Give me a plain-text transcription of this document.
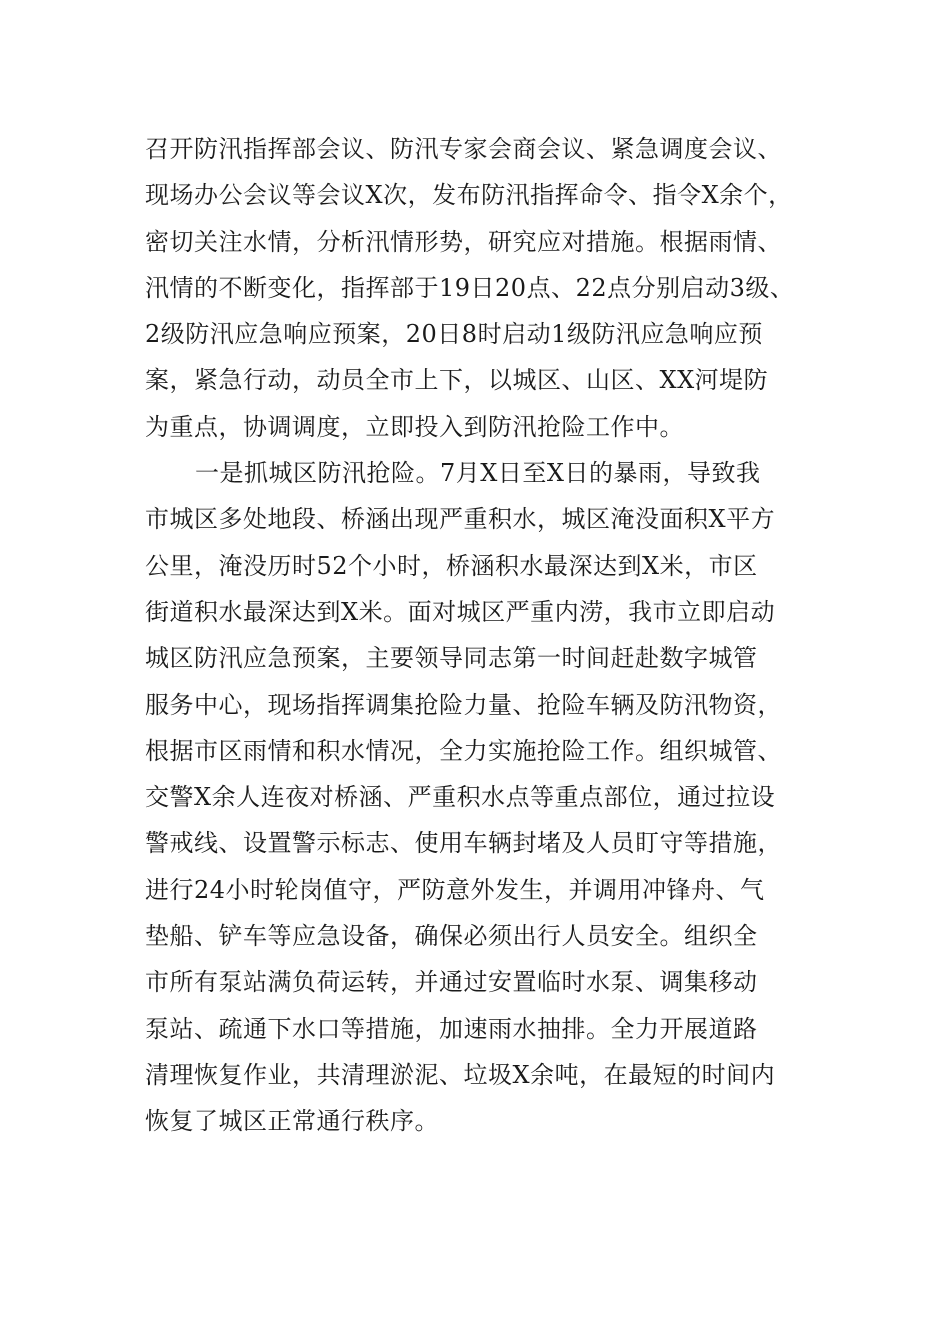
召开防汛指挥部会议、防汛专家会商会议、紧急调度会议、
现场办公会议等会议X次，发布防汛指挥命令、指令X余个，
密切关注水情，分析汛情形势，研究应对措施。根据雨情、
汛情的不断变化，指挥部于19日20点、22点分别启动3级、
2级防汛应急响应预案，20日8时启动1级防汛应急响应预
案，紧急行动，动员全市上下，以城区、山区、XX河堤防
为重点，协调调度，立即投入到防汛抢险工作中。
一是抓城区防汛抢险。7月X日至X日的暴雨，导致我
市城区多处地段、桥涵出现严重积水，城区淹没面积X平方
公里，淹没历时52个小时，桥涵积水最深达到X米，市区
街道积水最深达到X米。面对城区严重内涝，我市立即启动
城区防汛应急预案，主要领导同志第一时间赶赴数字城管
服务中心，现场指挥调集抢险力量、抢险车辆及防汛物资，
根据市区雨情和积水情况，全力实施抢险工作。组织城管、
交警X余人连夜对桥涵、严重积水点等重点部位，通过拉设
警戒线、设置警示标志、使用车辆封堵及人员盯守等措施，
进行24小时轮岗值守，严防意外发生，并调用冲锋舟、气
垫船、铲车等应急设备，确保必须出行人员安全。组织全
市所有泵站满负荷运转，并通过安置临时水泵、调集移动
泵站、疏通下水口等措施，加速雨水抽排。全力开展道路
清理恢复作业，共清理淤泥、垃圾X余吨，在最短的时间内
恢复了城区正常通行秩序。
